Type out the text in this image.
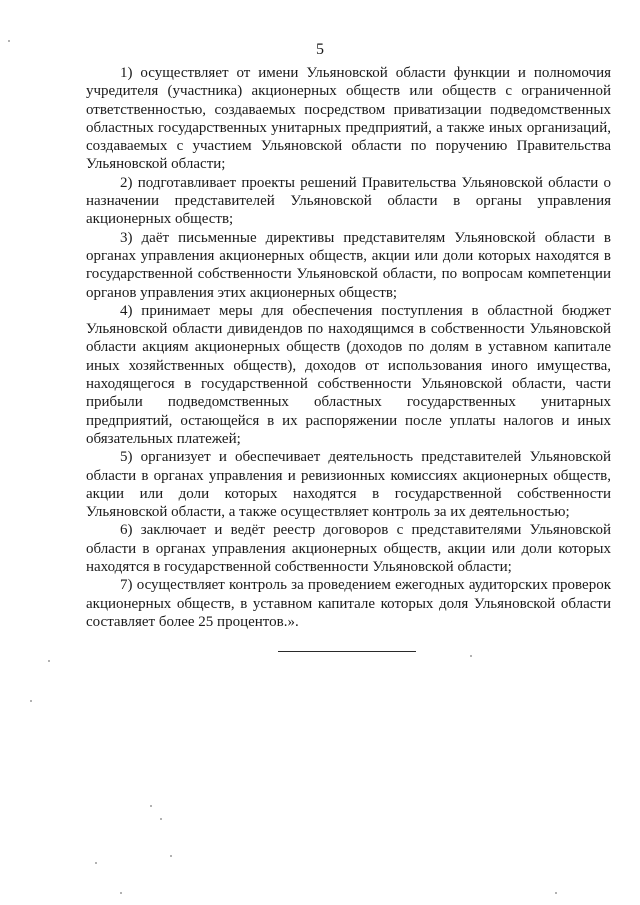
5

1) осуществляет от имени Ульяновской области функции и полномочия учредителя (участника) акционерных обществ или обществ с ограниченной ответственностью, создаваемых посредством приватизации подведомственных областных государственных унитарных предприятий, а также иных организаций, создаваемых с участием Ульяновской области по поручению Правительства Ульяновской области;

2) подготавливает проекты решений Правительства Ульяновской области о назначении представителей Ульяновской области в органы управления акционерных обществ;

3) даёт письменные директивы представителям Ульяновской области в органах управления акционерных обществ, акции или доли которых находятся в государственной собственности Ульяновской области, по вопросам компетенции органов управления этих акционерных обществ;

4) принимает меры для обеспечения поступления в областной бюджет Ульяновской области дивидендов по находящимся в собственности Ульяновской области акциям акционерных обществ (доходов по долям в уставном капитале иных хозяйственных обществ), доходов от использования иного имущества, находящегося в государственной собственности Ульяновской области, части прибыли подведомственных областных государственных унитарных предприятий, остающейся в их распоряжении после уплаты налогов и иных обязательных платежей;

5) организует и обеспечивает деятельность представителей Ульяновской области в органах управления и ревизионных комиссиях акционерных обществ, акции или доли которых находятся в государственной собственности Ульяновской области, а также осуществляет контроль за их деятельностью;

6) заключает и ведёт реестр договоров с представителями Ульяновской области в органах управления акционерных обществ, акции или доли которых находятся в государственной собственности Ульяновской области;

7) осуществляет контроль за проведением ежегодных аудиторских проверок акционерных обществ, в уставном капитале которых доля Ульяновской области составляет более 25 процентов.».
